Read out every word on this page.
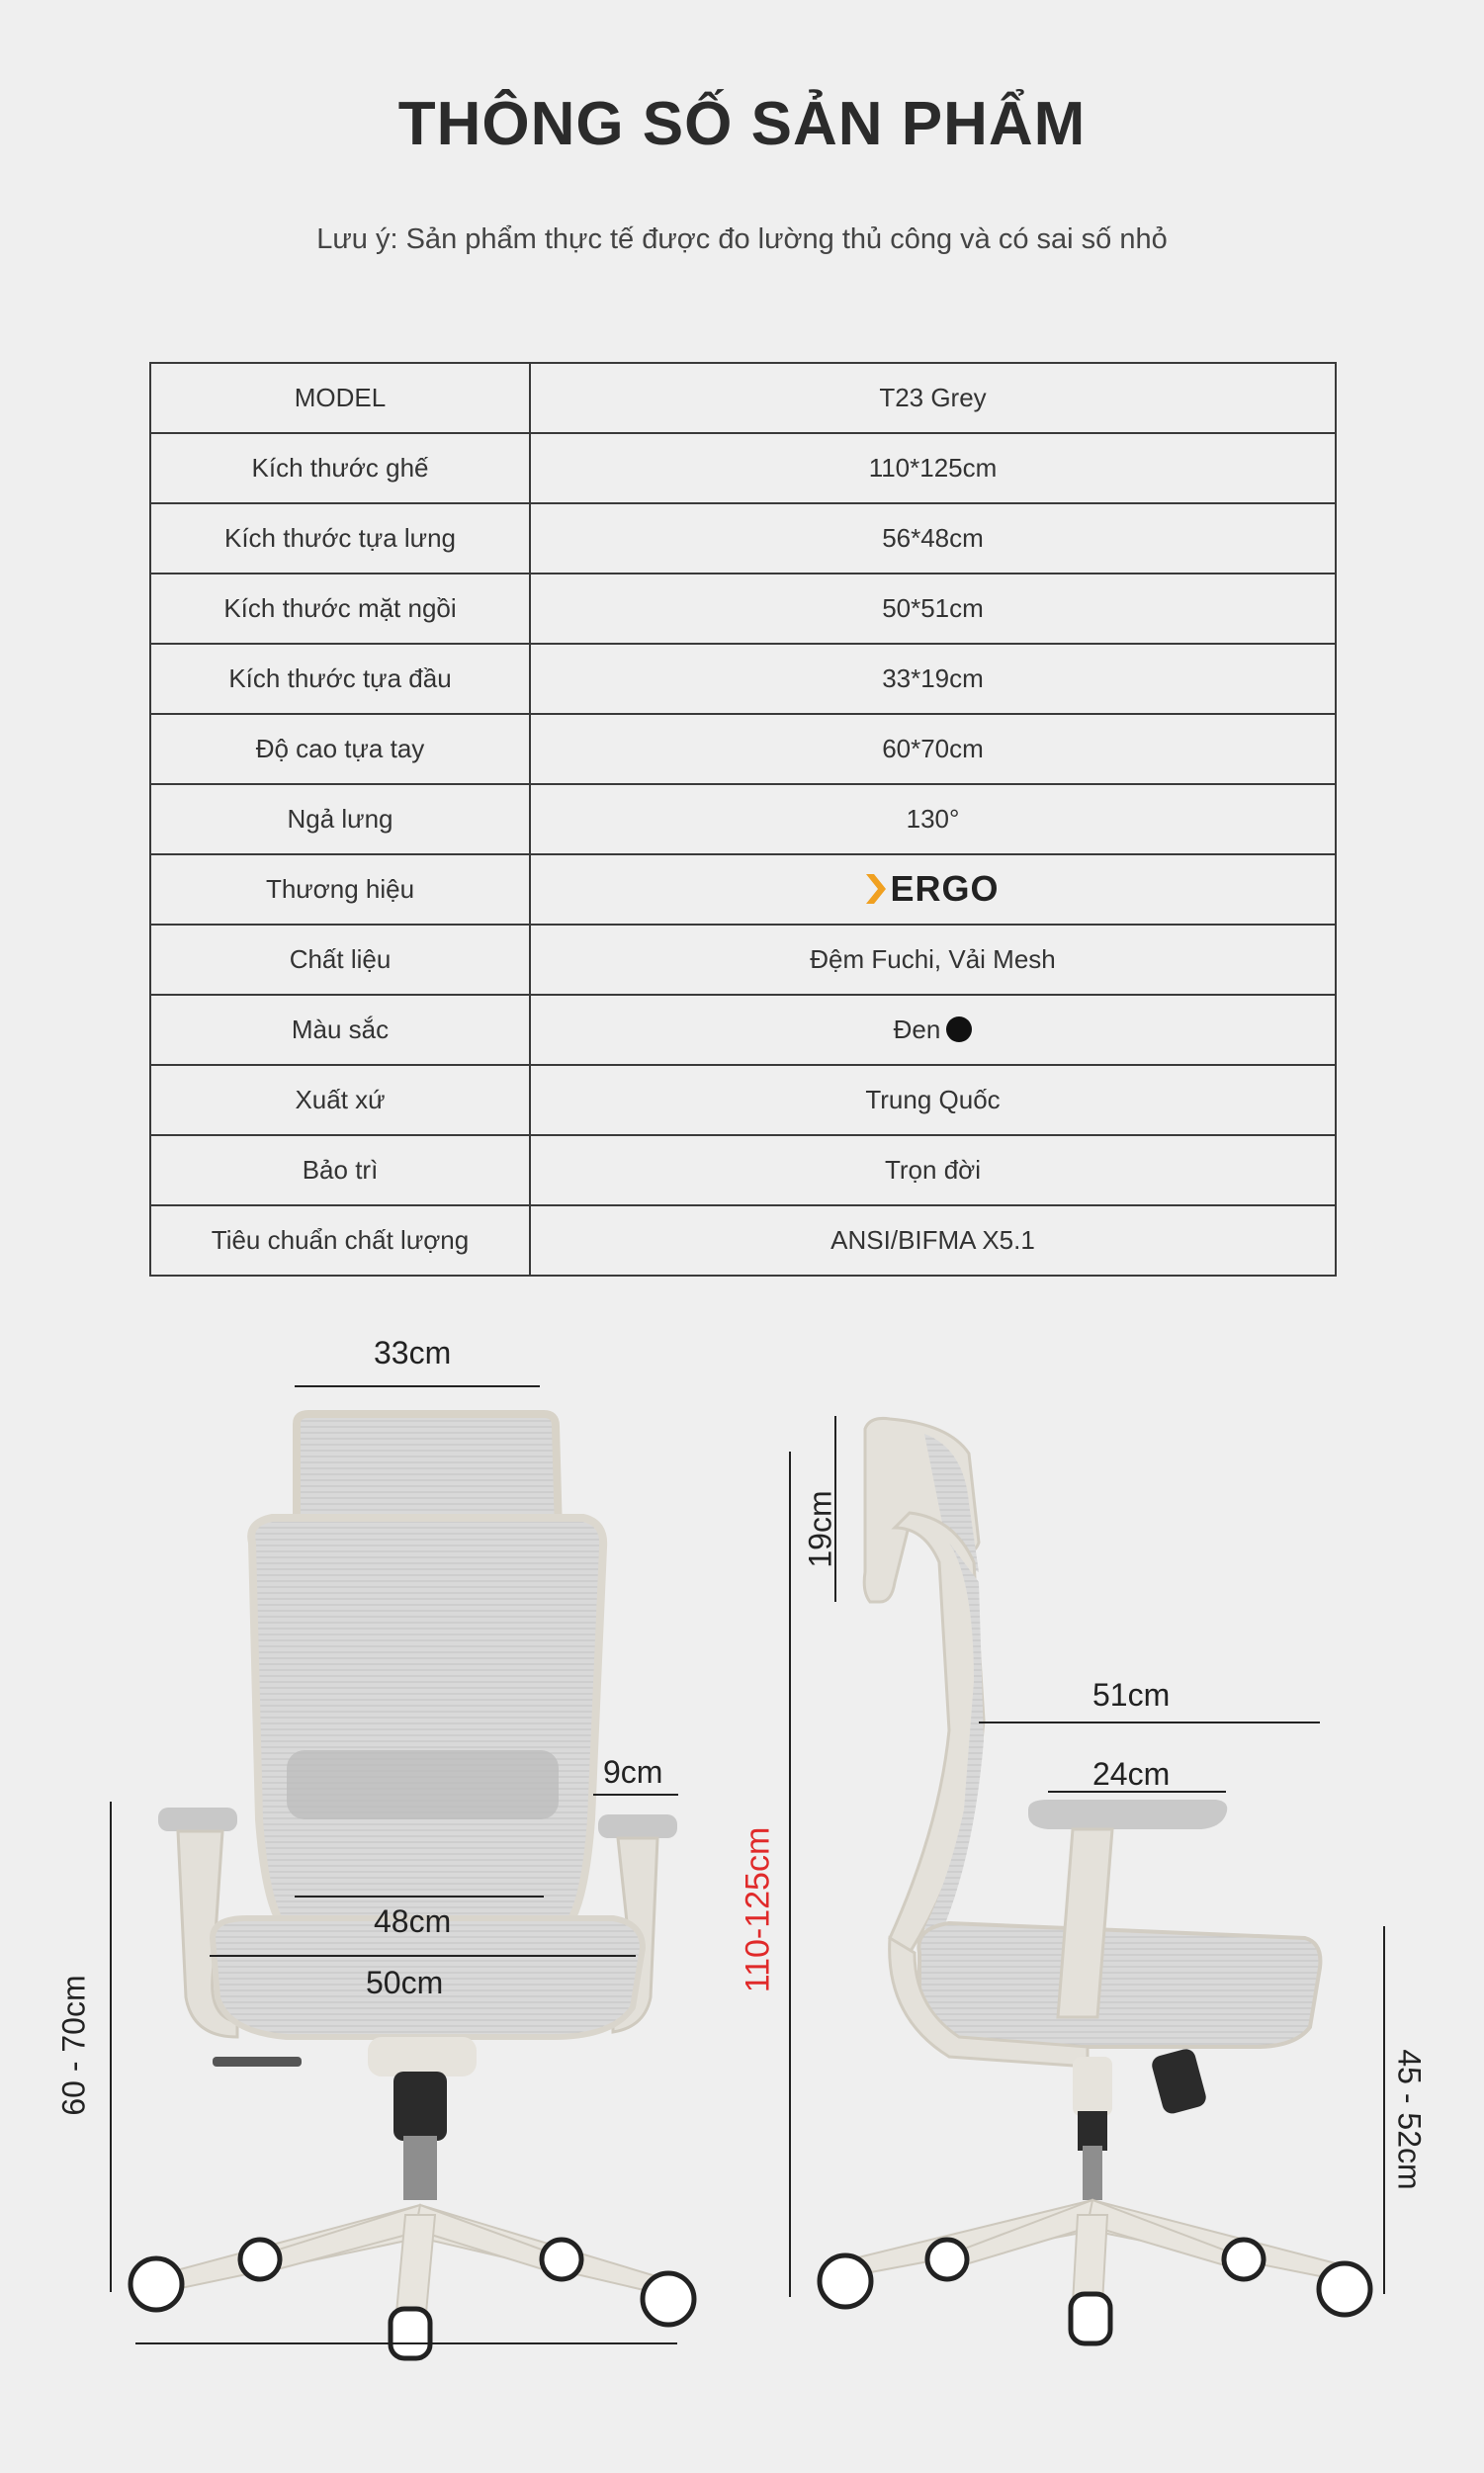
THÔNG SỐ SẢN PHẨM
Lưu ý: Sản phẩm thực tế được đo lường thủ công và có sai số nhỏ
MODEL	T23 Grey
Kích thước ghế	110*125cm
Kích thước tựa lưng	56*48cm
Kích thước mặt ngồi	50*51cm
Kích thước tựa đầu	33*19cm
Độ cao tựa tay	60*70cm
Ngả lưng	130°
Thương hiệu	ERGO

Chất liệu	Đệm Fuchi, Vải Mesh
Màu sắc	Đen
Xuất xứ	Trung Quốc
Bảo trì	Trọn đời
Tiêu chuẩn chất lượng	ANSI/BIFMA X5.1
33cm
9cm
48cm
50cm
60 - 70cm
19cm
110-125cm
51cm
24cm
45 - 52cm
